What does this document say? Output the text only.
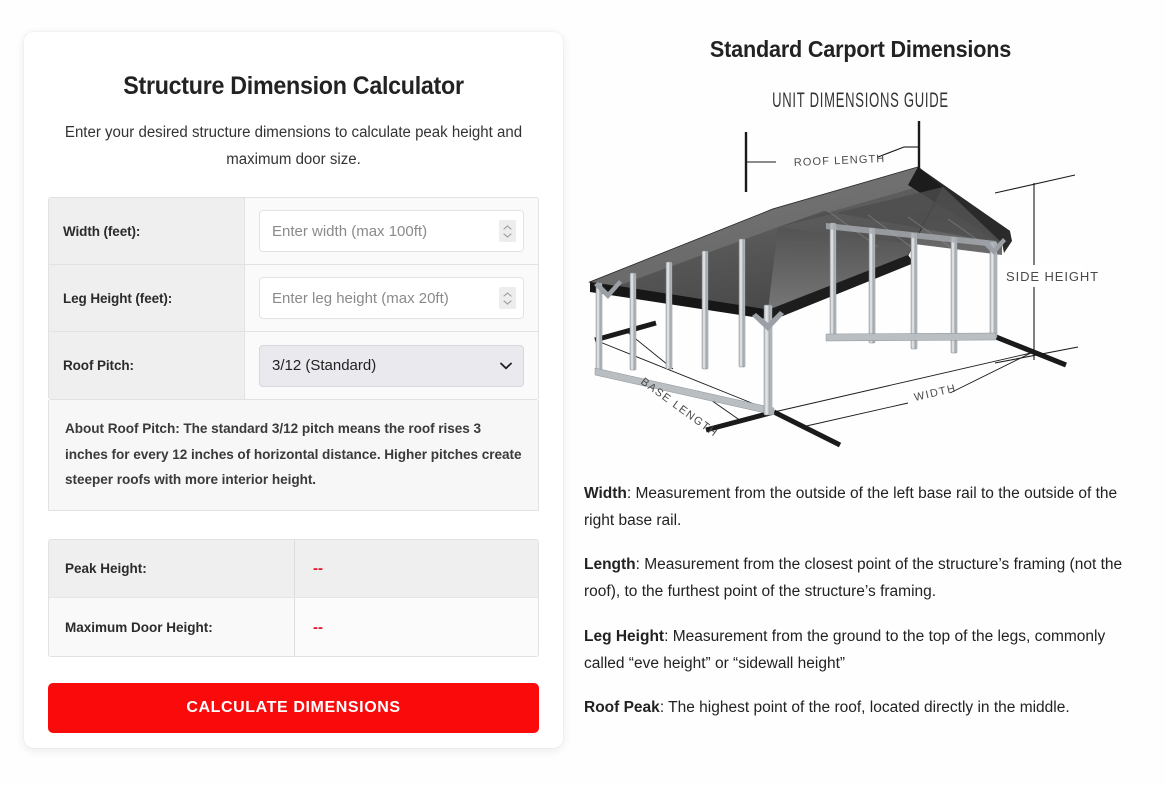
Structure Dimension Calculator

Enter your desired structure dimensions to calculate peak height and maximum door size.

Width (feet):
Enter width (max 100ft)
Leg Height (feet):
Enter leg height (max 20ft)
Roof Pitch:
3/12 (Standard)

About Roof Pitch: The standard 3/12 pitch means the roof rises 3 inches for every 12 inches of horizontal distance. Higher pitches create steeper roofs with more interior height.

Peak Height:	--
Maximum Door Height:	--
CALCULATE DIMENSIONS
Standard Carport Dimensions
UNIT DIMENSIONS GUIDE
ROOF LENGTH
SIDE HEIGHT
BASE LENGTH	WIDTH

Width: Measurement from the outside of the left base rail to the outside of the right base rail.

Length: Measurement from the closest point of the structure’s framing (not the roof), to the furthest point of the structure’s framing.

Leg Height: Measurement from the ground to the top of the legs, commonly called “eve height” or “sidewall height”

Roof Peak: The highest point of the roof, located directly in the middle.
